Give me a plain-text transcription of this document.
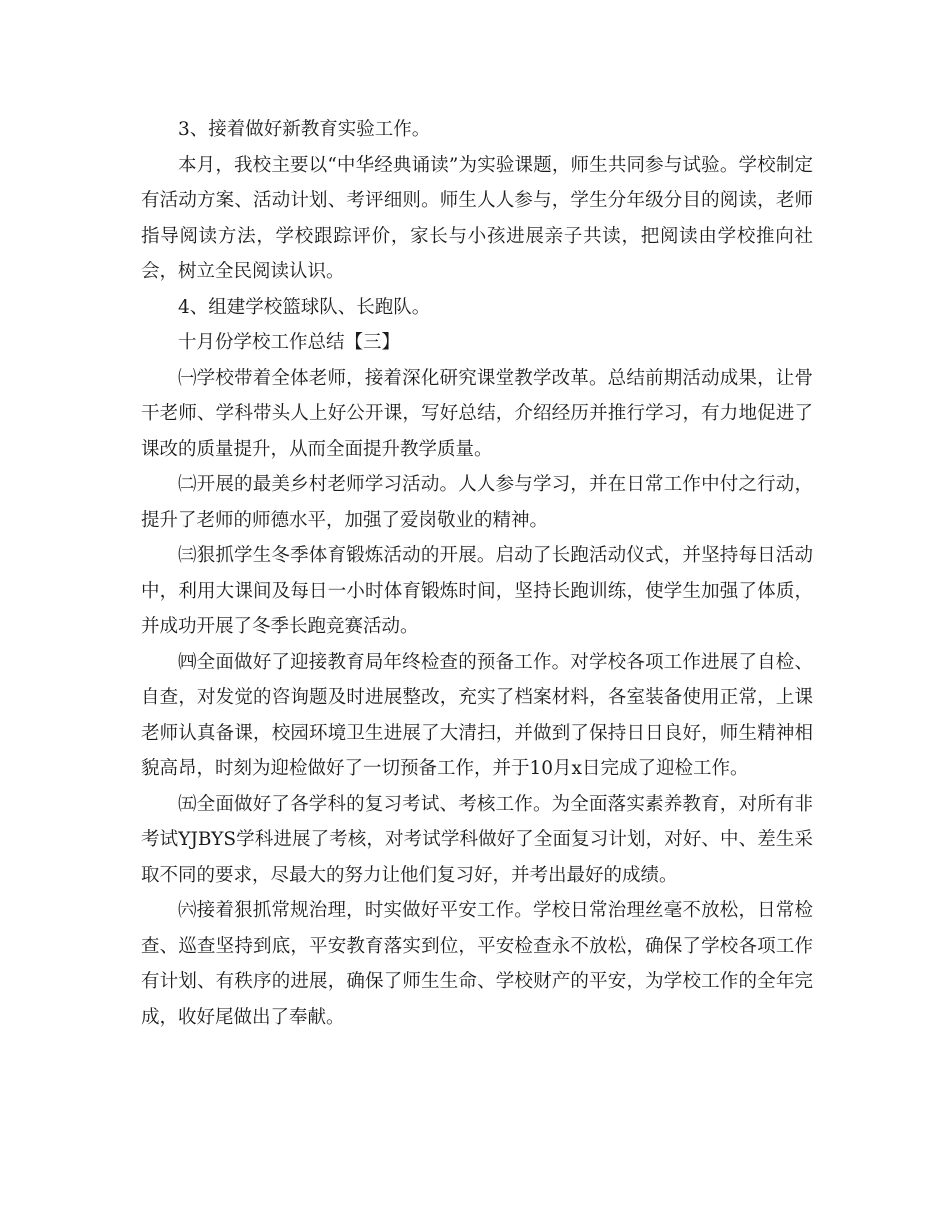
3、接着做好新教育实验工作。

本月，我校主要以“中华经典诵读”为实验课题，师生共同参与试验。学校制定有活动方案、活动计划、考评细则。师生人人参与，学生分年级分目的阅读，老师指导阅读方法，学校跟踪评价，家长与小孩进展亲子共读，把阅读由学校推向社会，树立全民阅读认识。

4、组建学校篮球队、长跑队。

十月份学校工作总结【三】

㈠学校带着全体老师，接着深化研究课堂教学改革。总结前期活动成果，让骨干老师、学科带头人上好公开课，写好总结，介绍经历并推行学习，有力地促进了课改的质量提升，从而全面提升教学质量。

㈡开展的最美乡村老师学习活动。人人参与学习，并在日常工作中付之行动，提升了老师的师德水平，加强了爱岗敬业的精神。

㈢狠抓学生冬季体育锻炼活动的开展。启动了长跑活动仪式，并坚持每日活动中，利用大课间及每日一小时体育锻炼时间，坚持长跑训练，使学生加强了体质，并成功开展了冬季长跑竞赛活动。

㈣全面做好了迎接教育局年终检查的预备工作。对学校各项工作进展了自检、自查，对发觉的咨询题及时进展整改，充实了档案材料，各室装备使用正常，上课老师认真备课，校园环境卫生进展了大清扫，并做到了保持日日良好，师生精神相貌高昂，时刻为迎检做好了一切预备工作，并于10月x日完成了迎检工作。

㈤全面做好了各学科的复习考试、考核工作。为全面落实素养教育，对所有非考试YJBYS学科进展了考核，对考试学科做好了全面复习计划，对好、中、差生采取不同的要求，尽最大的努力让他们复习好，并考出最好的成绩。

㈥接着狠抓常规治理，时实做好平安工作。学校日常治理丝毫不放松，日常检查、巡查坚持到底，平安教育落实到位，平安检查永不放松，确保了学校各项工作有计划、有秩序的进展，确保了师生生命、学校财产的平安，为学校工作的全年完成，收好尾做出了奉献。
